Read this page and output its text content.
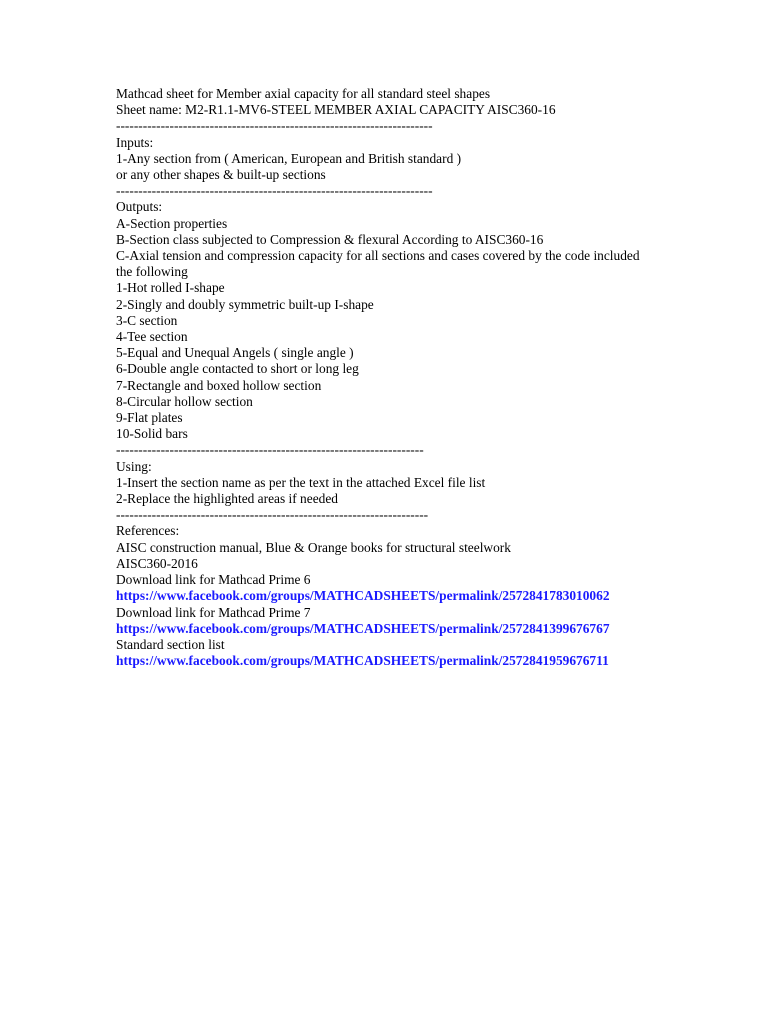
Mathcad sheet for Member axial capacity for all standard steel shapes
Sheet name: M2-R1.1-MV6-STEEL MEMBER AXIAL CAPACITY AISC360-16
-----------------------------------------------------------------------
Inputs:
1-Any section from ( American, European and British standard )
or any other shapes & built-up sections
-----------------------------------------------------------------------
Outputs:
A-Section properties
B-Section class subjected to Compression & flexural According to AISC360-16
C-Axial tension and compression capacity for all sections and cases covered by the code included the following
1-Hot rolled I-shape
2-Singly and doubly symmetric built-up I-shape
3-C section
4-Tee section
5-Equal and Unequal Angels ( single angle )
6-Double angle contacted to short or long leg
7-Rectangle and boxed hollow section
8-Circular hollow section
9-Flat plates
10-Solid bars
---------------------------------------------------------------------
Using:
1-Insert the section name as per the text in the attached Excel file list
2-Replace the highlighted areas if needed
----------------------------------------------------------------------
References:
AISC construction manual, Blue & Orange books for structural steelwork
AISC360-2016
Download link for Mathcad Prime 6
https://www.facebook.com/groups/MATHCADSHEETS/permalink/2572841783010062
Download link for Mathcad Prime 7
https://www.facebook.com/groups/MATHCADSHEETS/permalink/2572841399676767
Standard section list
https://www.facebook.com/groups/MATHCADSHEETS/permalink/2572841959676711
